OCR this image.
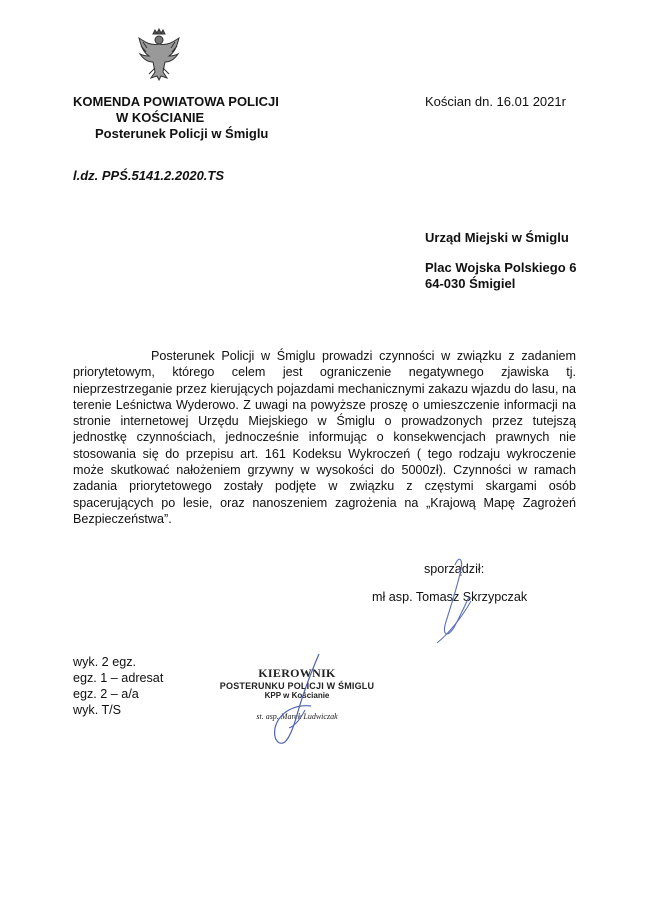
KOMENDA POWIATOWA POLICJI
W KOŚCIANIE
Posterunek Policji w Śmiglu
Kościan dn. 16.01 2021r
l.dz. PPŚ.5141.2.2020.TS
Urząd Miejski w Śmiglu
Plac Wojska Polskiego 6
64-030 Śmigiel

Posterunek Policji w Śmiglu prowadzi czynności w związku z zadaniem priorytetowym, którego celem jest ograniczenie negatywnego zjawiska tj. nieprzestrzeganie przez kierujących pojazdami mechanicznymi zakazu wjazdu do lasu, na terenie Leśnictwa Wyderowo. Z uwagi na powyższe proszę o umieszczenie informacji na stronie internetowej Urzędu Miejskiego w Śmiglu o prowadzonych przez tutejszą jednostkę czynnościach, jednocześnie informując o konsekwencjach prawnych nie stosowania się do przepisu art. 161 Kodeksu Wykroczeń ( tego rodzaju wykroczenie może skutkować nałożeniem grzywny w wysokości do 5000zł). Czynności w ramach zadania priorytetowego zostały podjęte w związku z częstymi skargami osób spacerujących po lesie, oraz nanoszeniem zagrożenia na „Krajową Mapę Zagrożeń Bezpieczeństwa”.

sporządził:
mł asp. Tomasz Skrzypczak
wyk. 2 egz.
egz. 1 – adresat
egz. 2 – a/a
wyk. T/S
KIEROWNIK
POSTERUNKU POLICJI W ŚMIGLU
KPP w Kościanie
st. asp. Marek Ludwiczak
